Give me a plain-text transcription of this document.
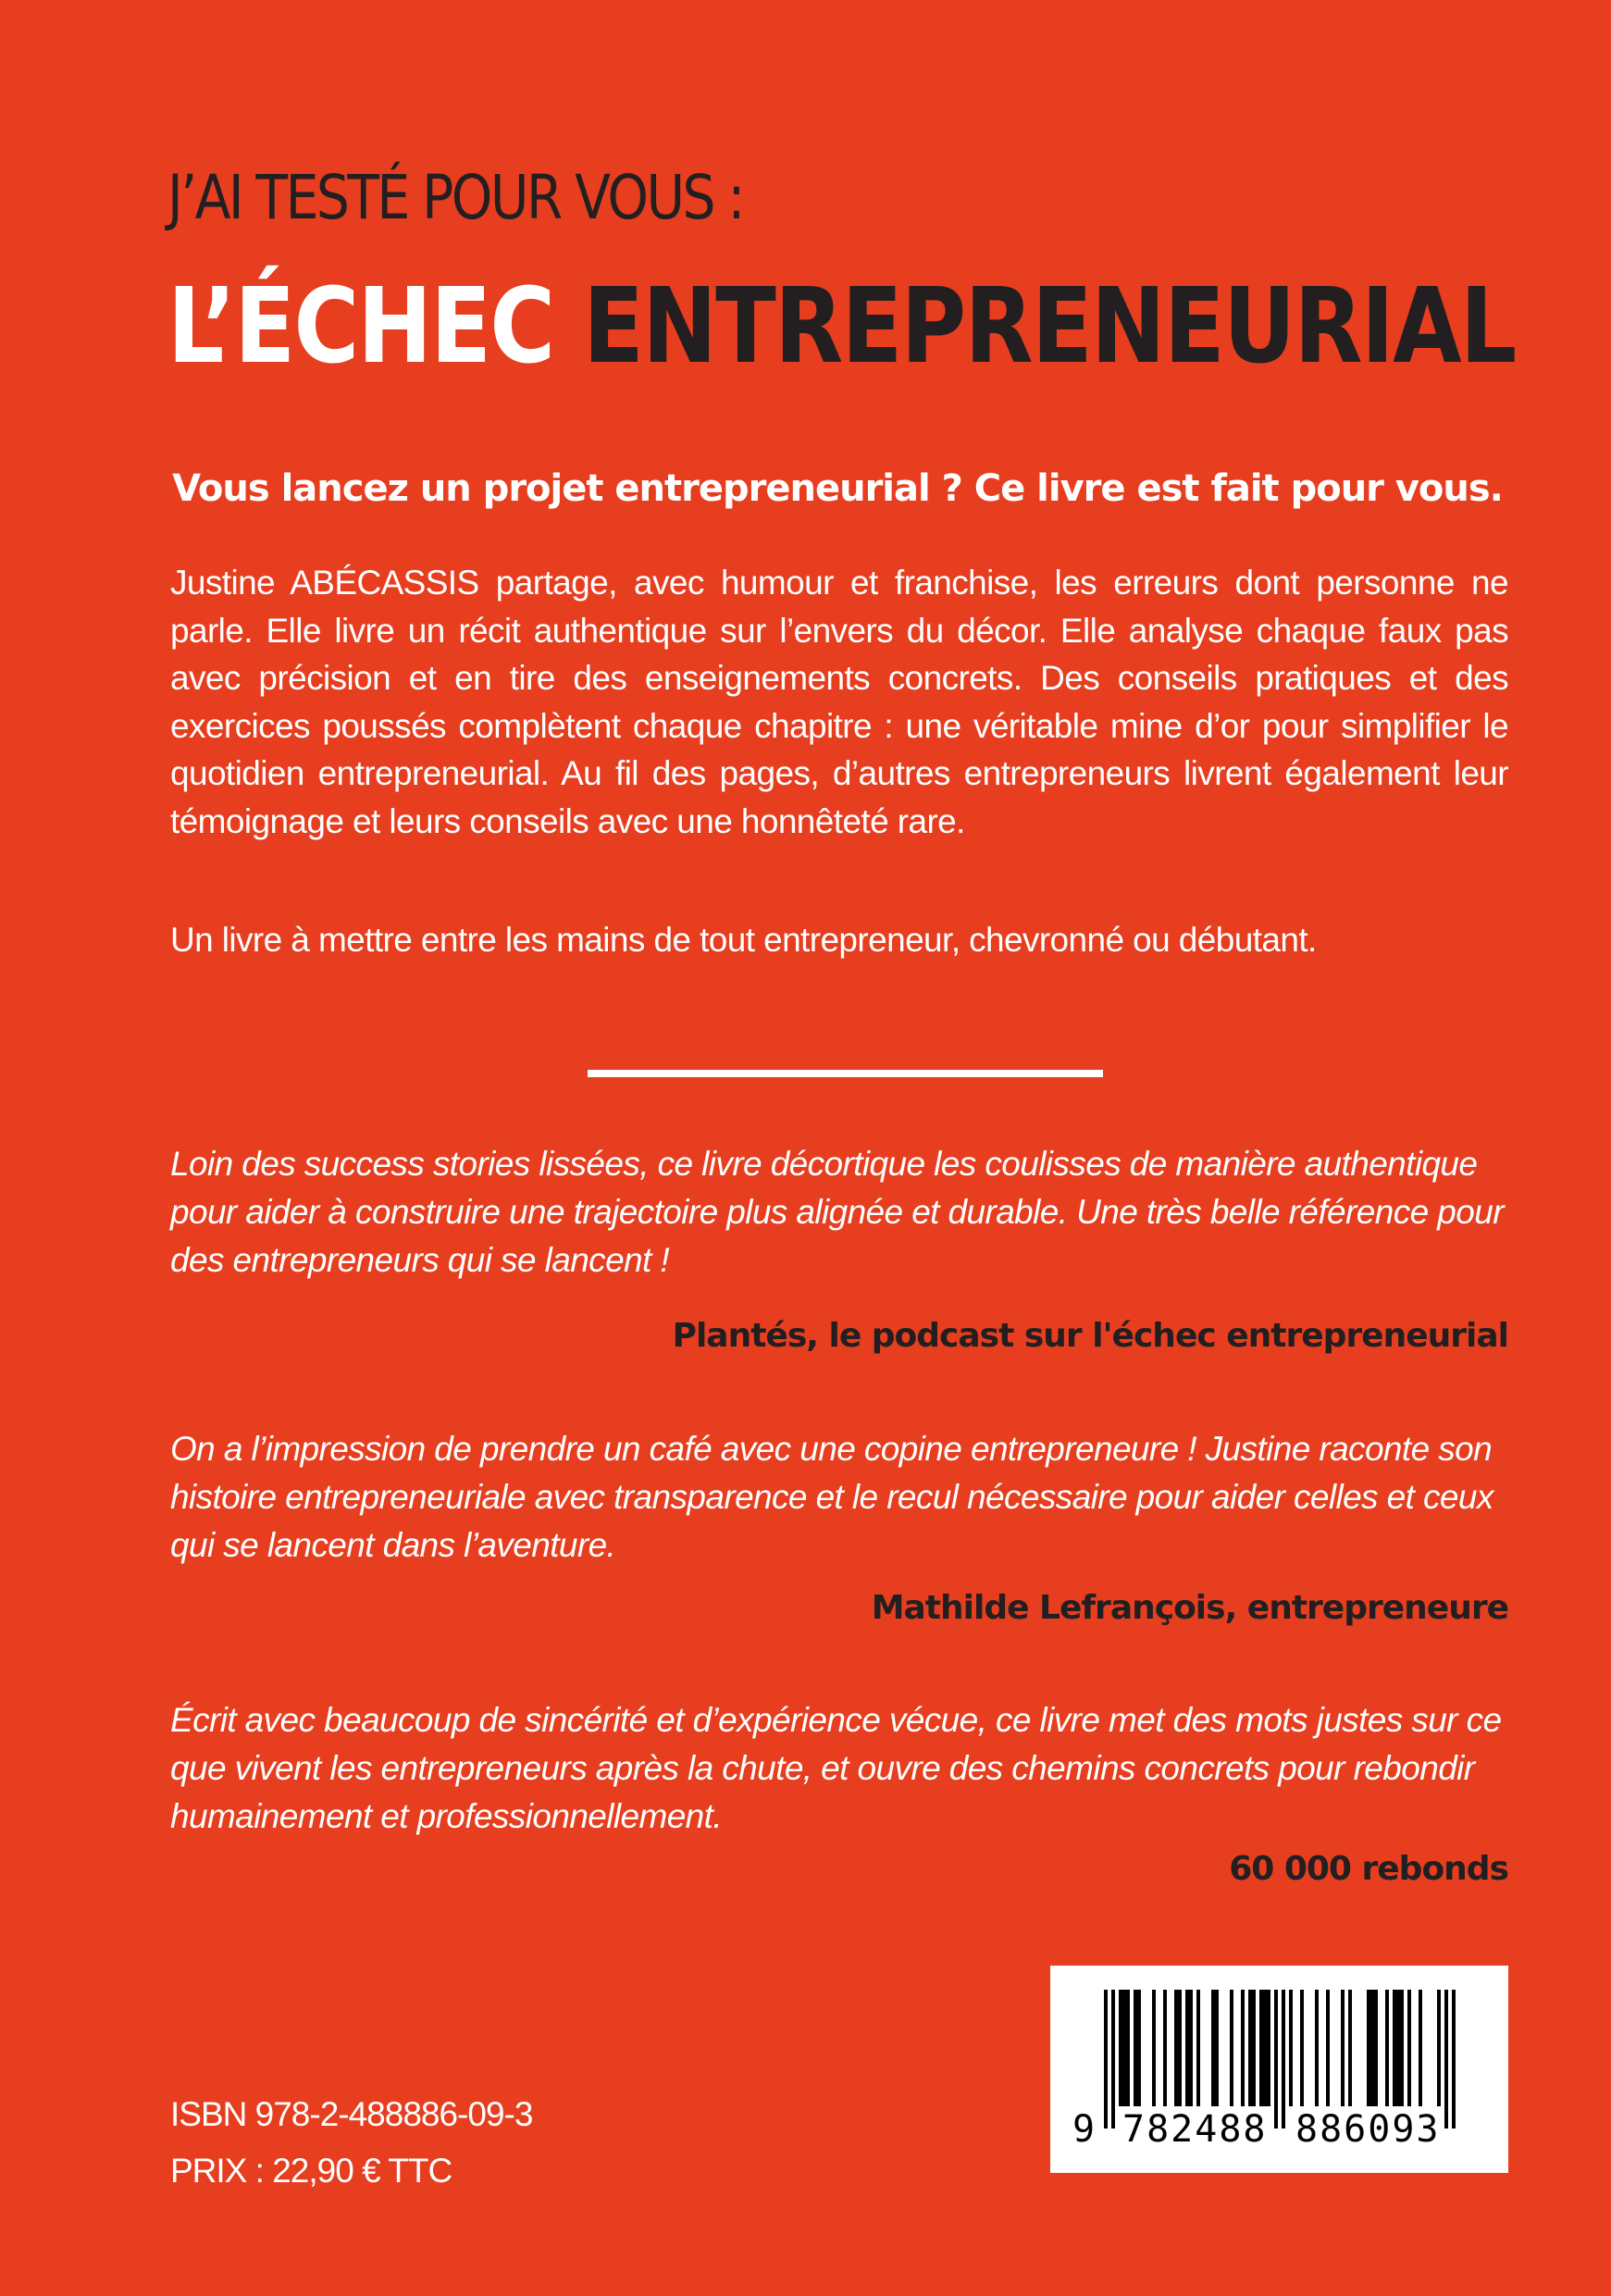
J’AI TESTÉ POUR VOUS :
L’ÉCHEC ENTREPRENEURIAL
Vous lancez un projet entrepreneurial ? Ce livre est fait pour vous.
Justine ABÉCASSIS partage, avec humour et franchise, les erreurs dont personne ne parle. Elle livre un récit authentique sur l’envers du décor. Elle analyse chaque faux pas avec précision et en tire des enseignements concrets. Des conseils pratiques et des exercices poussés complètent chaque chapitre : une véritable mine d’or pour simplifier le quotidien entrepreneurial. Au fil des pages, d’autres entrepreneurs livrent également leur témoignage et leurs conseils avec une honnêteté rare.
Un livre à mettre entre les mains de tout entrepreneur, chevronné ou débutant.
Loin des success stories lissées, ce livre décortique les coulisses de manière authentique pour aider à construire une trajectoire plus alignée et durable. Une très belle référence pour des entrepreneurs qui se lancent !
Plantés, le podcast sur l'échec entrepreneurial
On a l’impression de prendre un café avec une copine entrepreneure ! Justine raconte son histoire entrepreneuriale avec transparence et le recul nécessaire pour aider celles et ceux qui se lancent dans l’aventure.
Mathilde Lefrançois, entrepreneure
Écrit avec beaucoup de sincérité et d’expérience vécue, ce livre met des mots justes sur ce que vivent les entrepreneurs après la chute, et ouvre des chemins concrets pour rebondir humainement et professionnellement.
60 000 rebonds
ISBN 978-2-488886-09-3
PRIX : 22,90 € TTC
9 782488 886093
